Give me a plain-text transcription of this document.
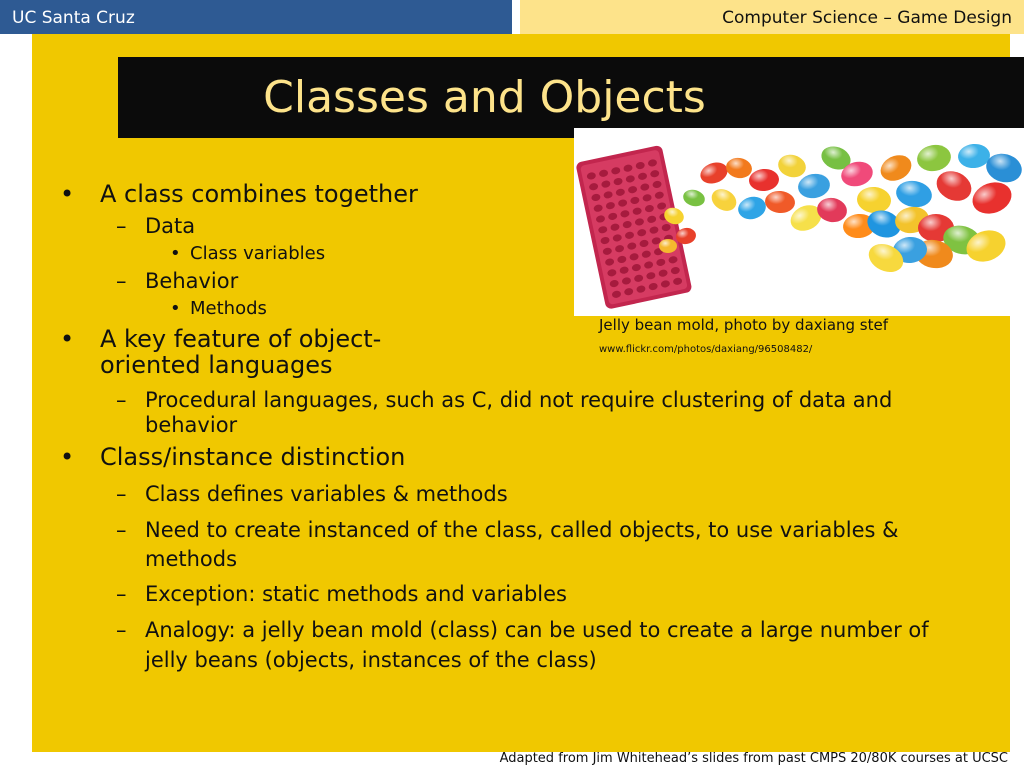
UC Santa Cruz	Computer Science – Game Design
Classes and Objects
Jelly bean mold, photo by daxiang stef
www.flickr.com/photos/daxiang/96508482/
• A class combines together
– Data
• Class variables
– Behavior
• Methods
• A key feature of object-
oriented languages
– Procedural languages, such as C, did not require clustering of data and
behavior
• Class/instance distinction
– Class defines variables & methods
– Need to create instanced of the class, called objects, to use variables &
methods
– Exception: static methods and variables
– Analogy: a jelly bean mold (class) can be used to create a large number of
jelly beans (objects, instances of the class)
Adapted from Jim Whitehead’s slides from past CMPS 20/80K courses at UCSC
